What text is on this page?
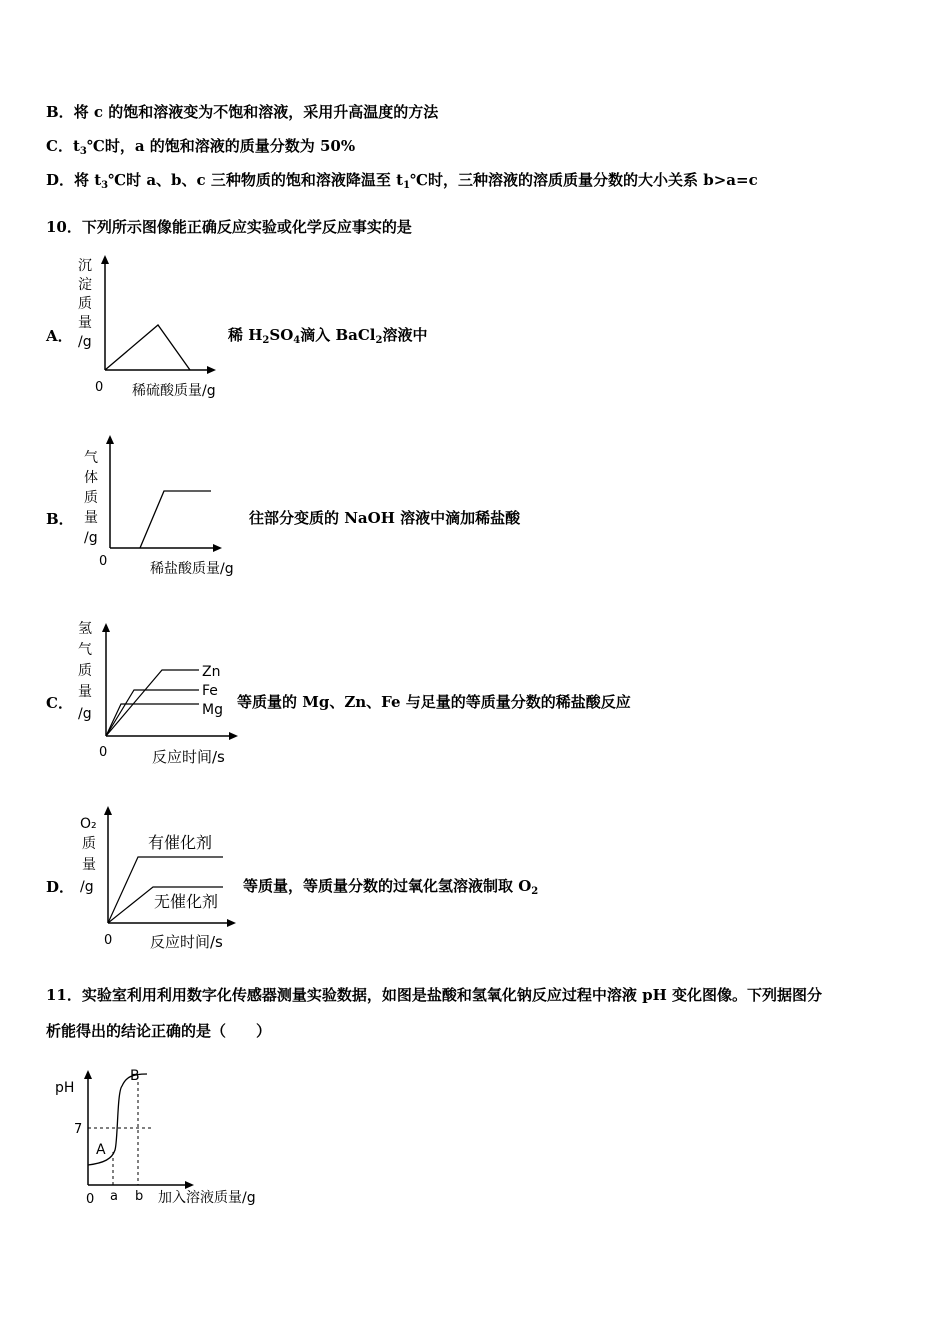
B．将 c 的饱和溶液变为不饱和溶液，采用升高温度的方法
C．$t_3℃$时，a 的饱和溶液的质量分数为 50%
D．将 $t_3℃$时 a、b、c 三种物质的饱和溶液降温至 $t_1℃$时，三种溶液的溶质质量分数的大小关系 b>a=c
10．下列所示图像能正确反应实验或化学反应事实的是
A．
沉
淀
质
量
/g
0 稀硫酸质量/g
稀 $H_2SO_4$滴入 BaCl$_2$溶液中
B．
气
体
质
量
/g
0	稀盐酸质量/g
往部分变质的 NaOH 溶液中滴加稀盐酸
C．
氢
气
质
量
/g
Zn
Fe
Mg
0	反应时间/s
等质量的 Mg、Zn、Fe 与足量的等质量分数的稀盐酸反应
D．
O₂
质
量
/g
有催化剂
无催化剂
0	反应时间/s
等质量，等质量分数的过氧化氢溶液制取 $O_2$
11．实验室利用利用数字化传感器测量实验数据，如图是盐酸和氢氧化钠反应过程中溶液 pH 变化图像。下列据图分
析能得出的结论正确的是（　　）
pH
7
A
B
0 a b 加入溶液质量/g
